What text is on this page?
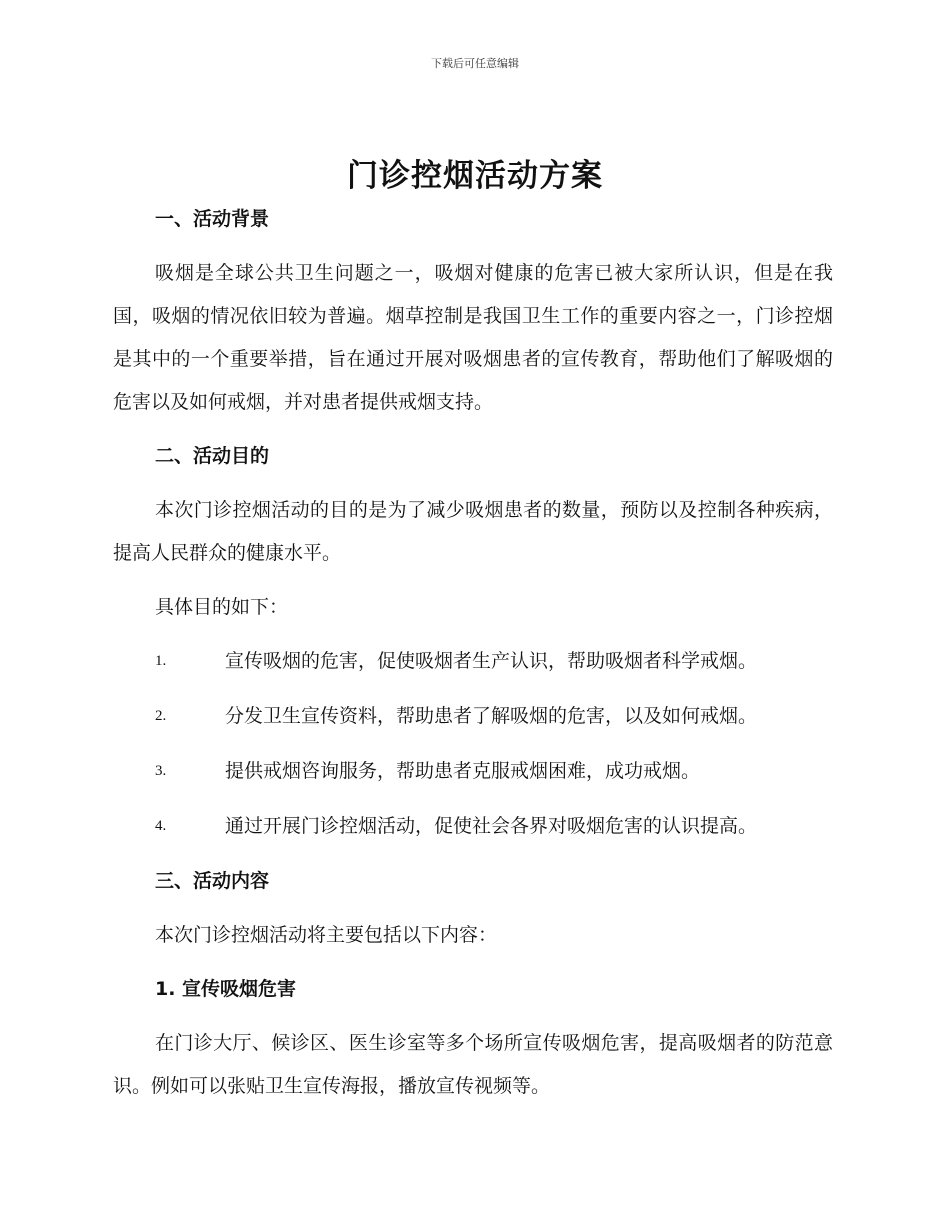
下载后可任意编辑
门诊控烟活动方案
一、活动背景

吸烟是全球公共卫生问题之一，吸烟对健康的危害已被大家所认识，但是在我国，吸烟的情况依旧较为普遍。烟草控制是我国卫生工作的重要内容之一，门诊控烟是其中的一个重要举措，旨在通过开展对吸烟患者的宣传教育，帮助他们了解吸烟的危害以及如何戒烟，并对患者提供戒烟支持。

二、活动目的

本次门诊控烟活动的目的是为了减少吸烟患者的数量，预防以及控制各种疾病，提高人民群众的健康水平。

具体目的如下：

1.	宣传吸烟的危害，促使吸烟者生产认识，帮助吸烟者科学戒烟。
2.	分发卫生宣传资料，帮助患者了解吸烟的危害，以及如何戒烟。
3.	提供戒烟咨询服务，帮助患者克服戒烟困难，成功戒烟。
4.	通过开展门诊控烟活动，促使社会各界对吸烟危害的认识提高。
三、活动内容

本次门诊控烟活动将主要包括以下内容：

1. 宣传吸烟危害

在门诊大厅、候诊区、医生诊室等多个场所宣传吸烟危害，提高吸烟者的防范意识。例如可以张贴卫生宣传海报，播放宣传视频等。
